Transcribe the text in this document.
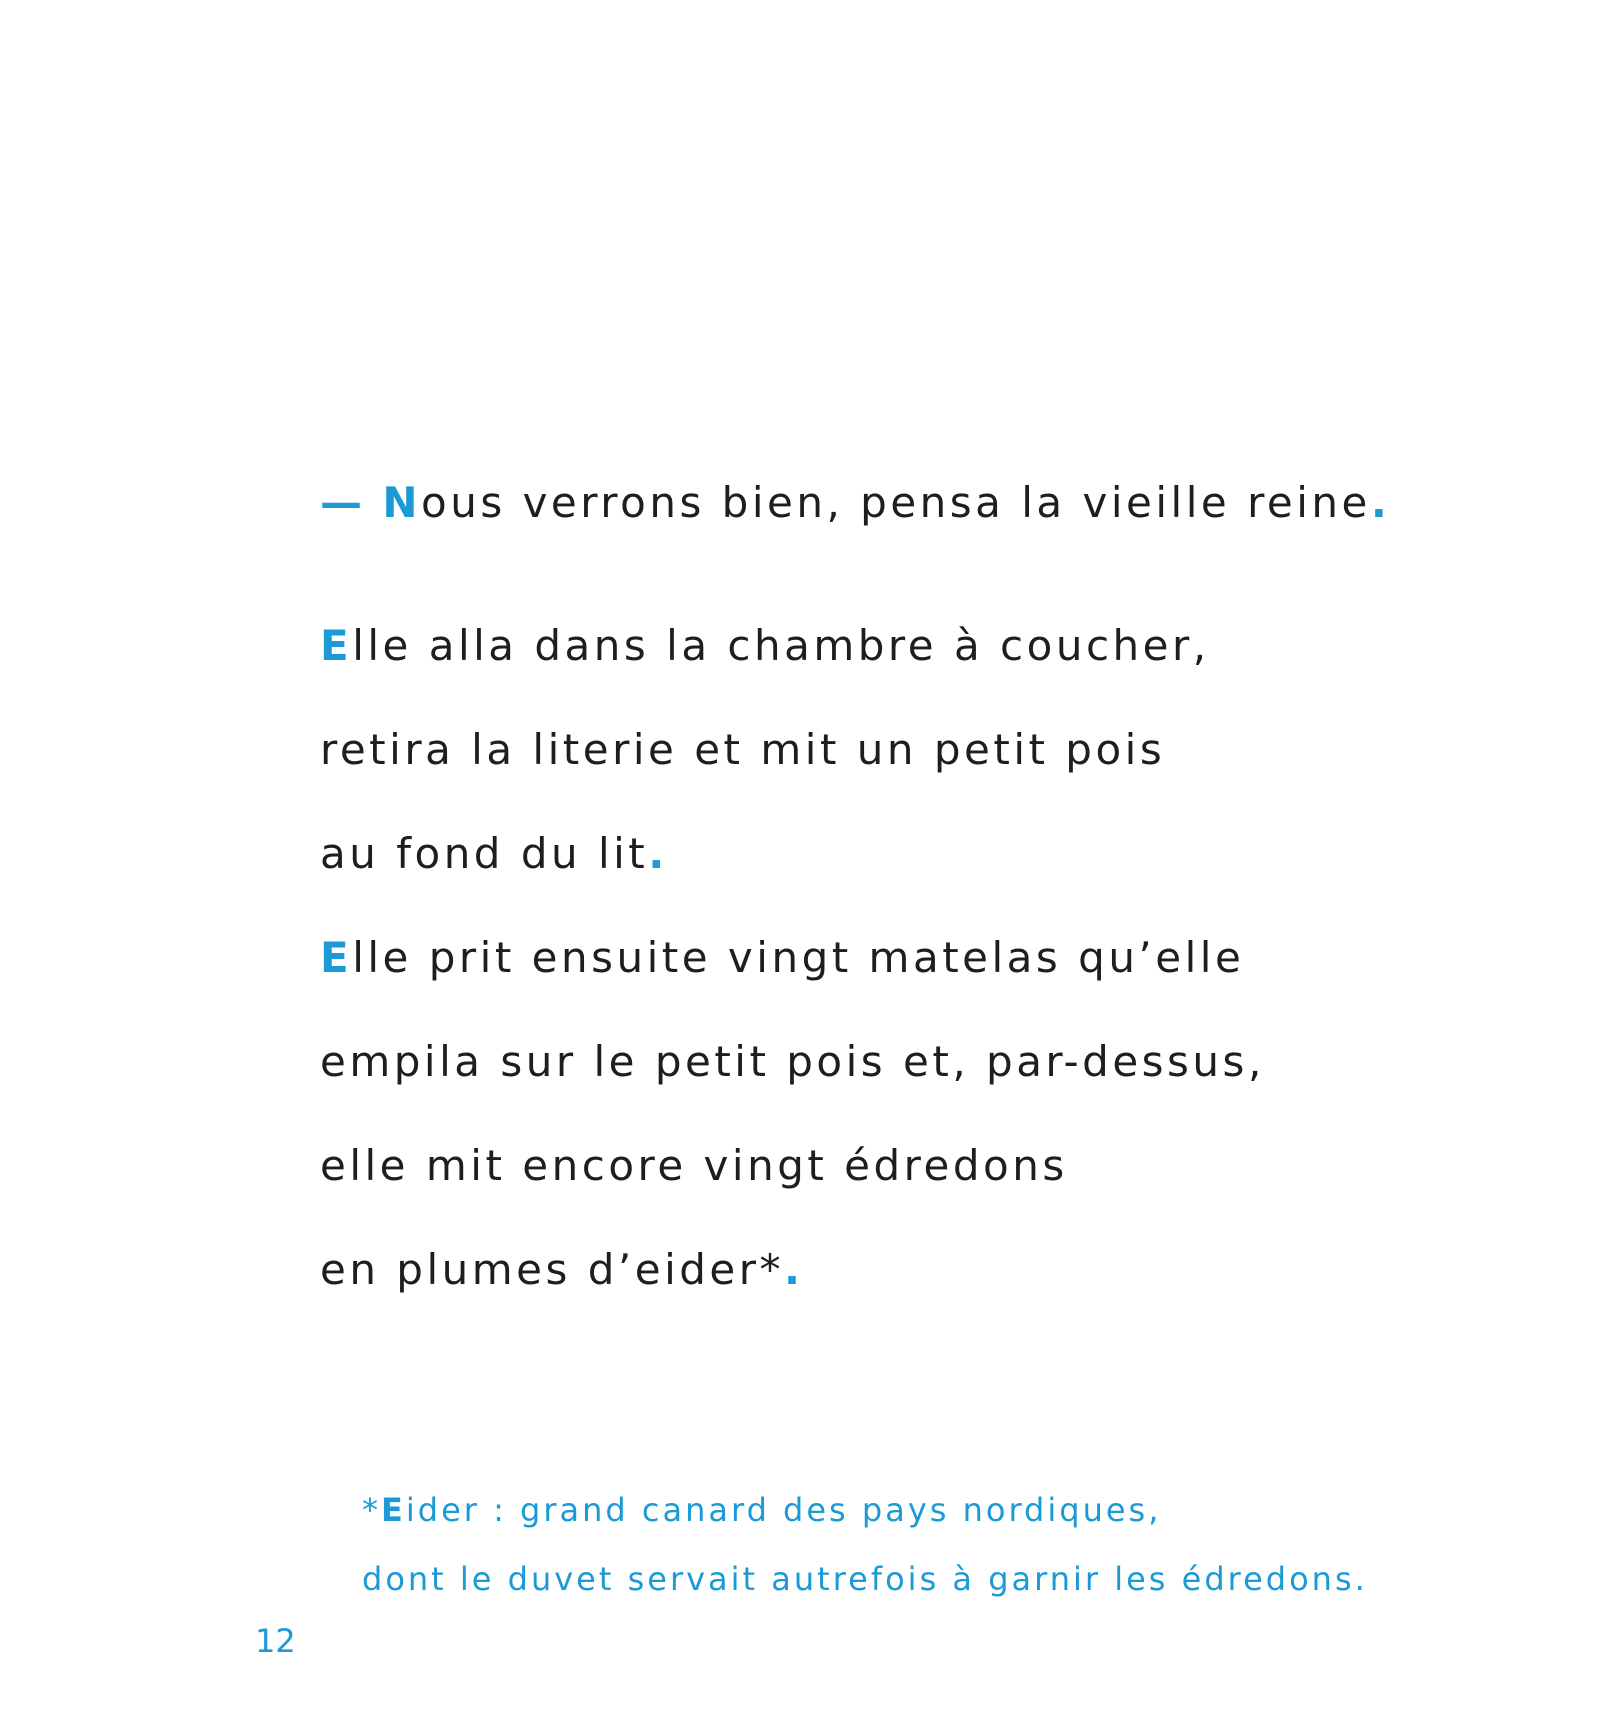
— Nous verrons bien, pensa la vieille reine.
Elle alla dans la chambre à coucher,
retira la literie et mit un petit pois
au fond du lit.
Elle prit ensuite vingt matelas qu’elle
empila sur le petit pois et, par-dessus,
elle mit encore vingt édredons
en plumes d’eider*.
*Eider : grand canard des pays nordiques,
dont le duvet servait autrefois à garnir les édredons.
12
